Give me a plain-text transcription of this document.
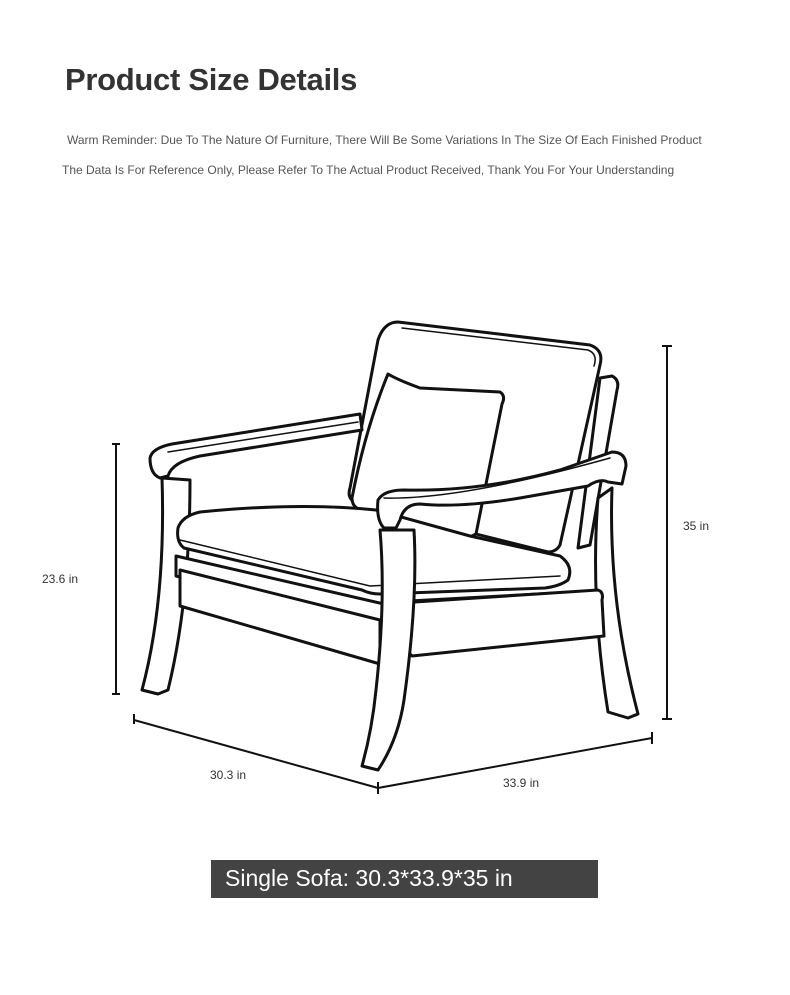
Product Size Details
Warm Reminder: Due To The Nature Of Furniture, There Will Be Some Variations In The Size Of Each Finished Product
The Data Is For Reference Only, Please Refer To The Actual Product Received, Thank You For Your Understanding
23.6 in
35 in
30.3 in
33.9 in
Single Sofa: 30.3*33.9*35 in
